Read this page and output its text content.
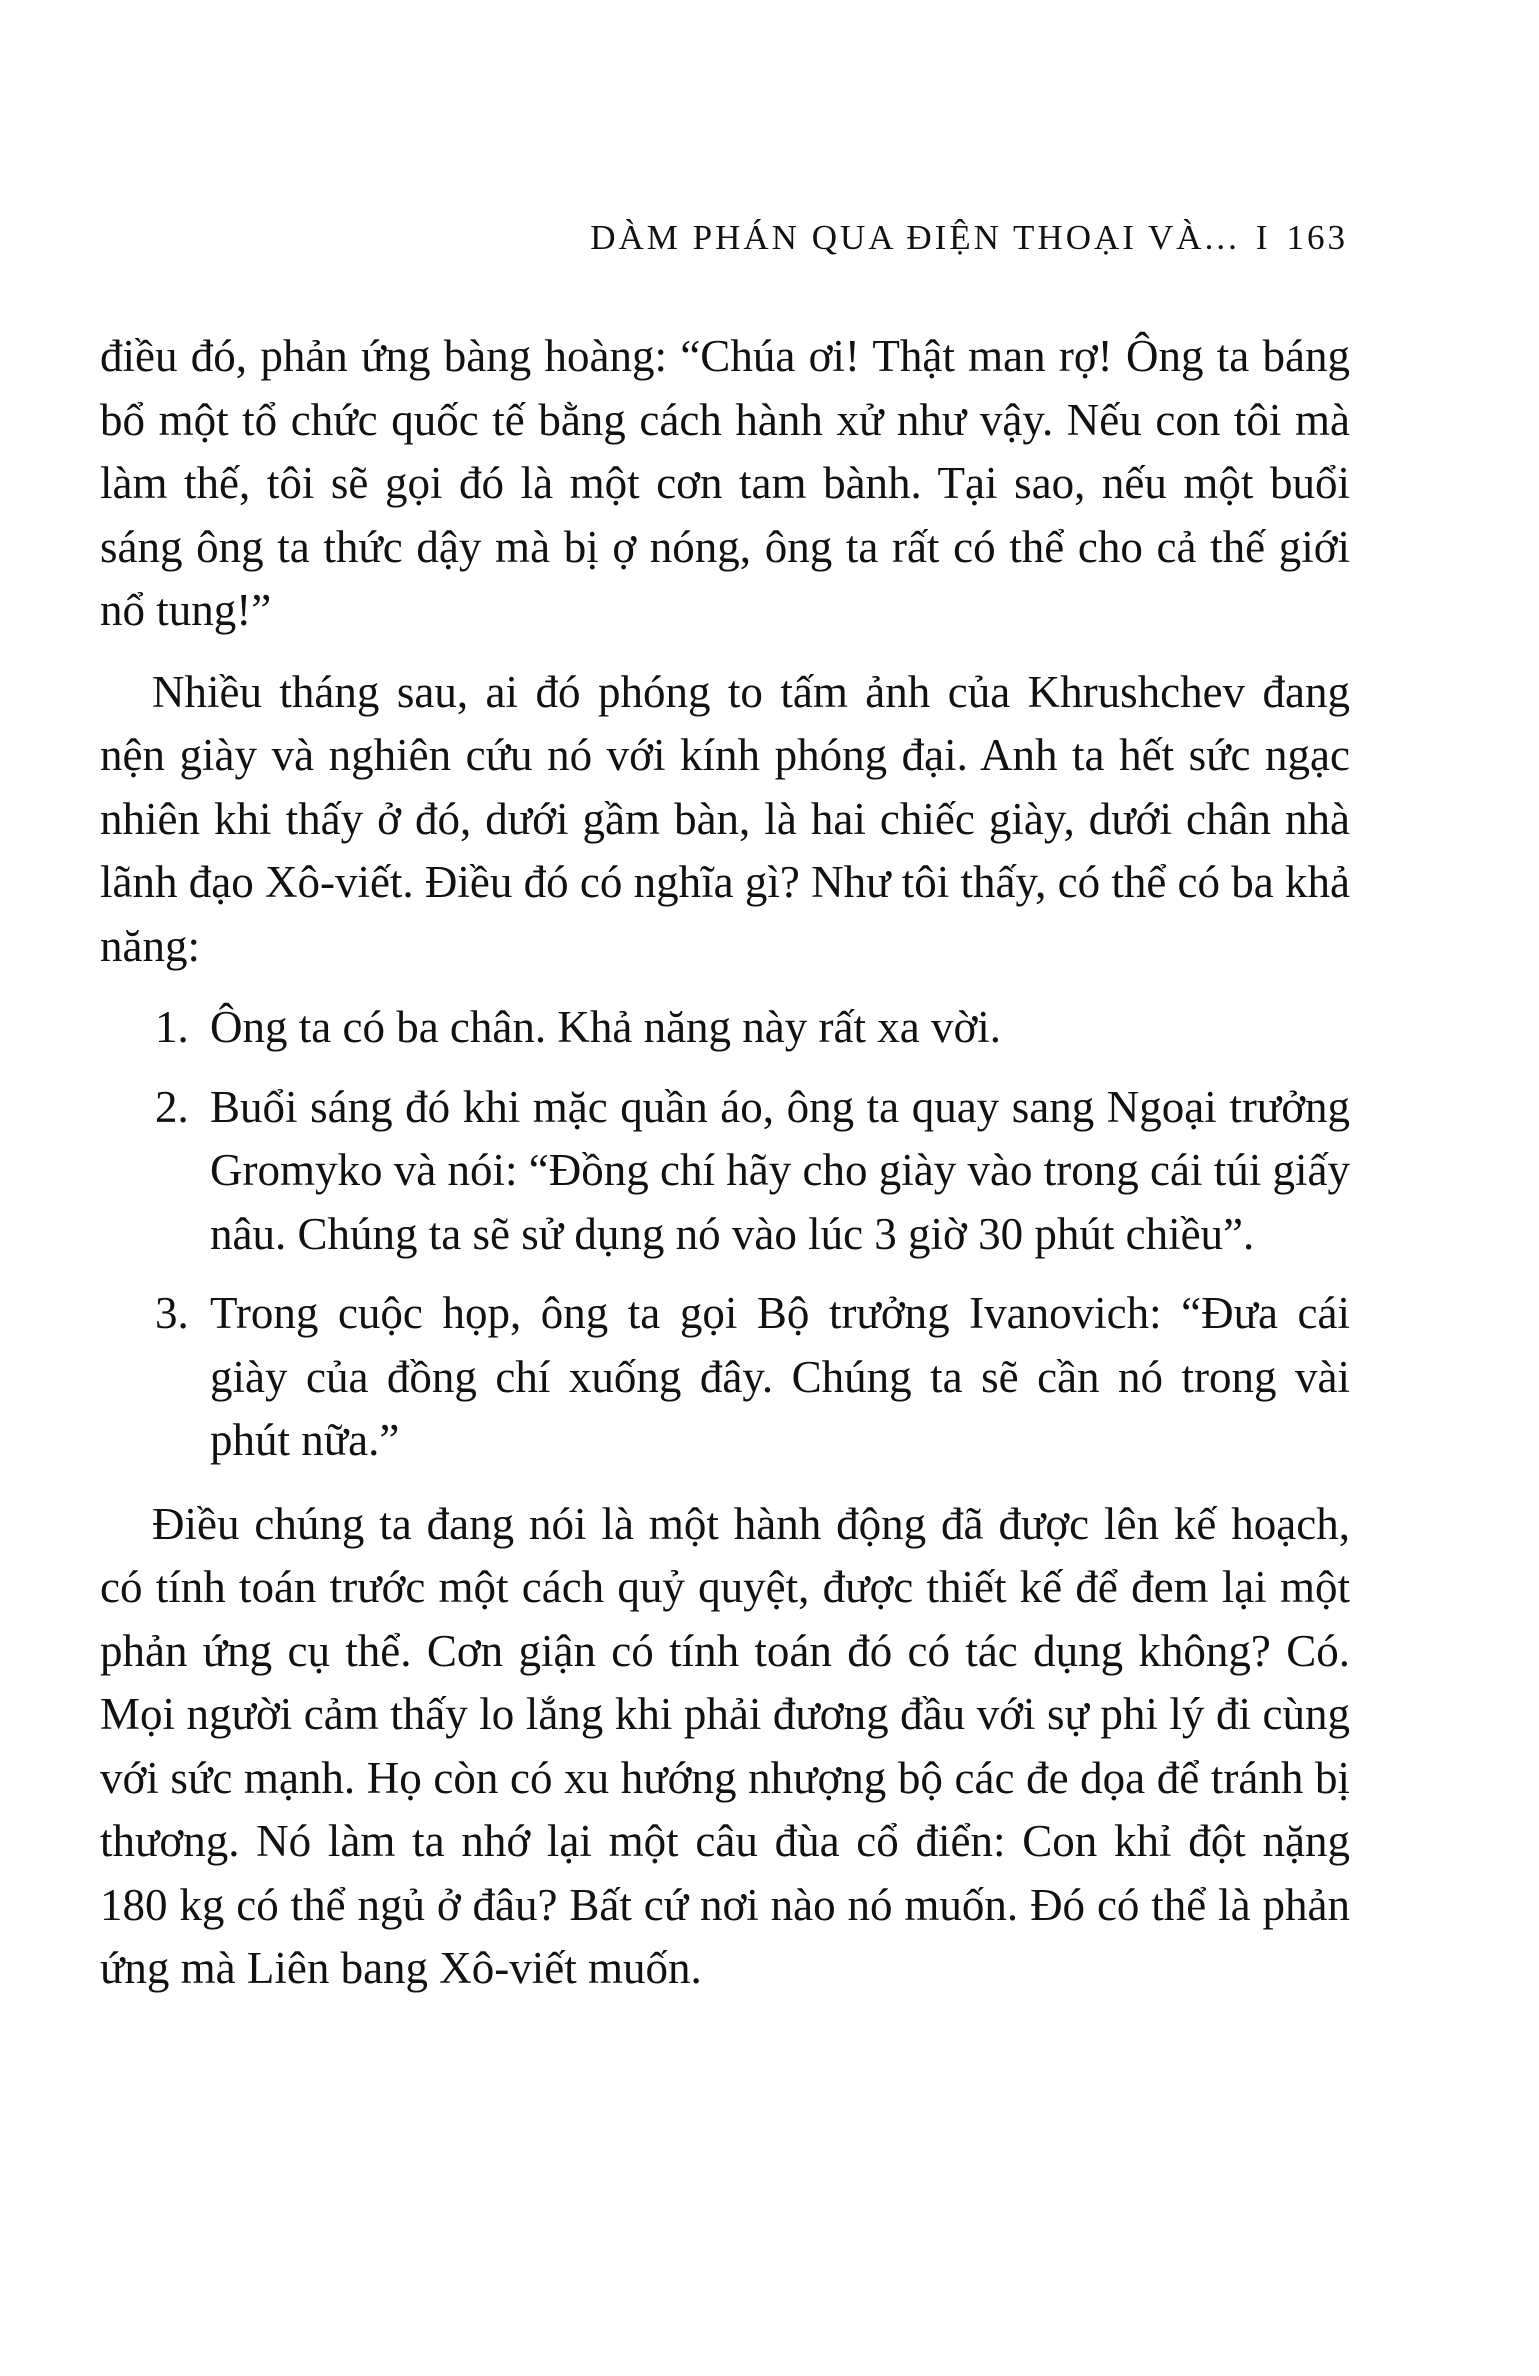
DÀM PHÁN QUA ĐIỆN THOẠI VÀ... I 163

điều đó, phản ứng bàng hoàng: “Chúa ơi! Thật man rợ! Ông ta báng bổ một tổ chức quốc tế bằng cách hành xử như vậy. Nếu con tôi mà làm thế, tôi sẽ gọi đó là một cơn tam bành. Tại sao, nếu một buổi sáng ông ta thức dậy mà bị ợ nóng, ông ta rất có thể cho cả thế giới nổ tung!”

Nhiều tháng sau, ai đó phóng to tấm ảnh của Khrushchev đang nện giày và nghiên cứu nó với kính phóng đại. Anh ta hết sức ngạc nhiên khi thấy ở đó, dưới gầm bàn, là hai chiếc giày, dưới chân nhà lãnh đạo Xô-viết. Điều đó có nghĩa gì? Như tôi thấy, có thể có ba khả năng:

1. Ông ta có ba chân. Khả năng này rất xa vời.
2. Buổi sáng đó khi mặc quần áo, ông ta quay sang Ngoại trưởng Gromyko và nói: “Đồng chí hãy cho giày vào trong cái túi giấy nâu. Chúng ta sẽ sử dụng nó vào lúc 3 giờ 30 phút chiều”.
3. Trong cuộc họp, ông ta gọi Bộ trưởng Ivanovich: “Đưa cái giày của đồng chí xuống đây. Chúng ta sẽ cần nó trong vài phút nữa.”

Điều chúng ta đang nói là một hành động đã được lên kế hoạch, có tính toán trước một cách quỷ quyệt, được thiết kế để đem lại một phản ứng cụ thể. Cơn giận có tính toán đó có tác dụng không? Có. Mọi người cảm thấy lo lắng khi phải đương đầu với sự phi lý đi cùng với sức mạnh. Họ còn có xu hướng nhượng bộ các đe dọa để tránh bị thương. Nó làm ta nhớ lại một câu đùa cổ điển: Con khỉ đột nặng 180 kg có thể ngủ ở đâu? Bất cứ nơi nào nó muốn. Đó có thể là phản ứng mà Liên bang Xô-viết muốn.
